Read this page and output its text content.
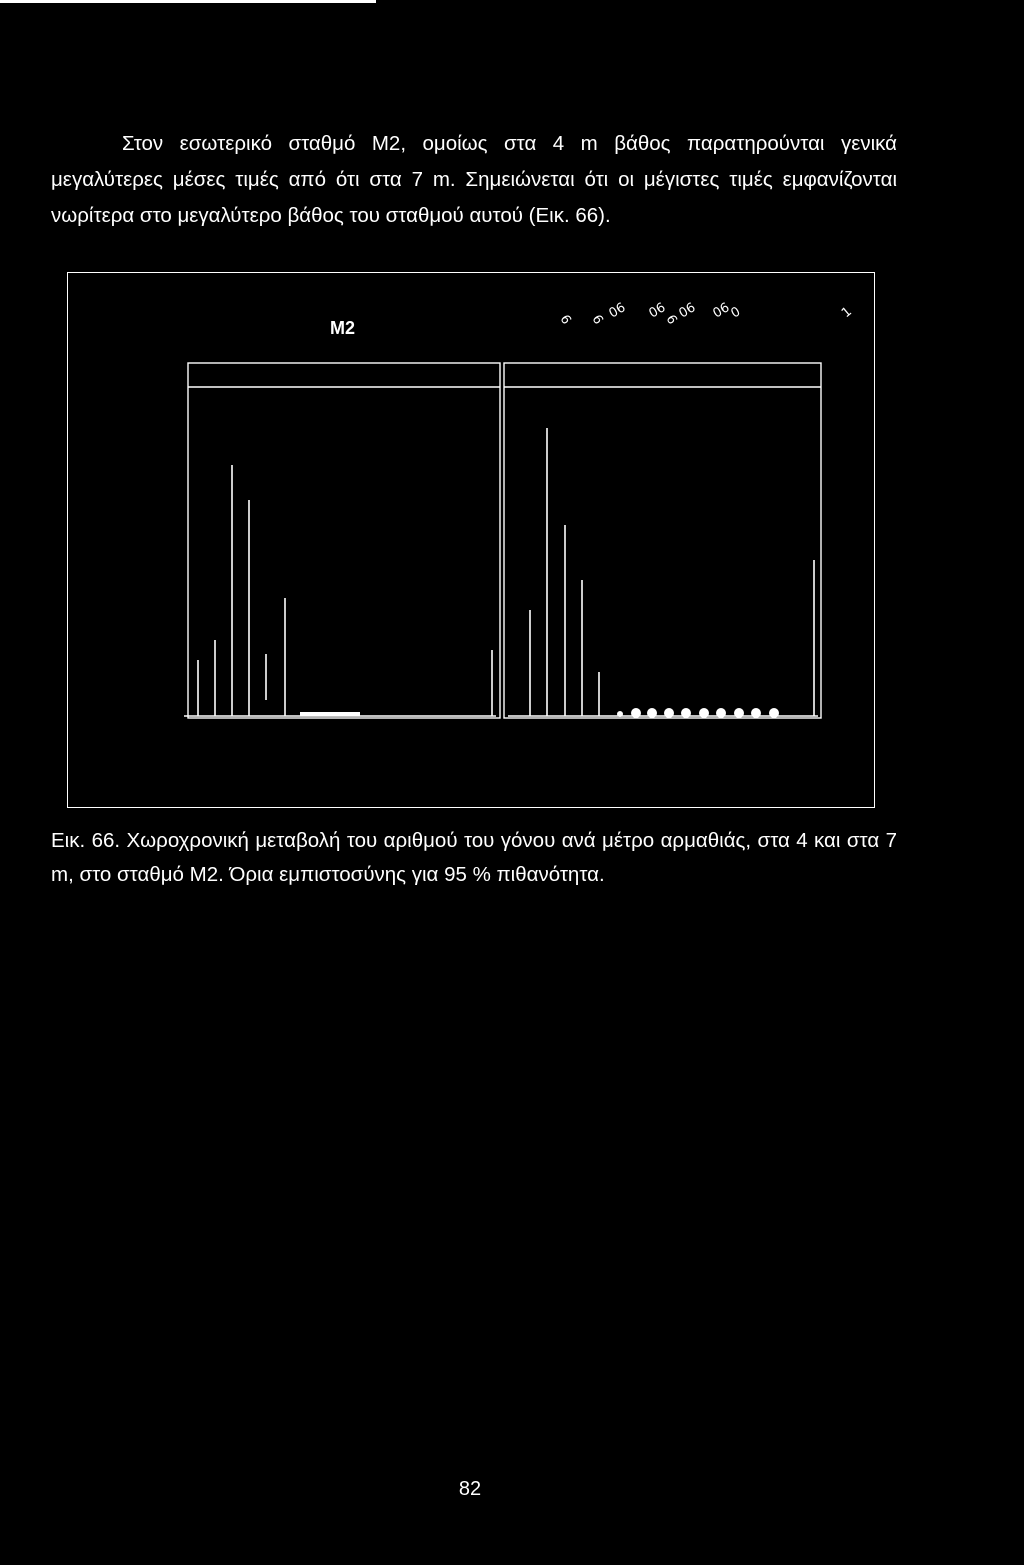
Στον εσωτερικό σταθμό Μ2, ομοίως στα 4 m βάθος παρατηρούνται γενικά μεγαλύτερες μέσες τιμές από ότι στα 7 m. Σημειώνεται ότι οι μέγιστες τιμές εμφανίζονται νωρίτερα στο μεγαλύτερο βάθος του σταθμού αυτού (Εικ. 66).

M2	6 6 06 06
6
06 06
0	1

Εικ. 66. Χωροχρονική μεταβολή του αριθμού του γόνου ανά μέτρο αρμαθιάς, στα 4 και στα 7 m, στο σταθμό Μ2. Όρια εμπιστοσύνης για 95 % πιθανότητα.

82
